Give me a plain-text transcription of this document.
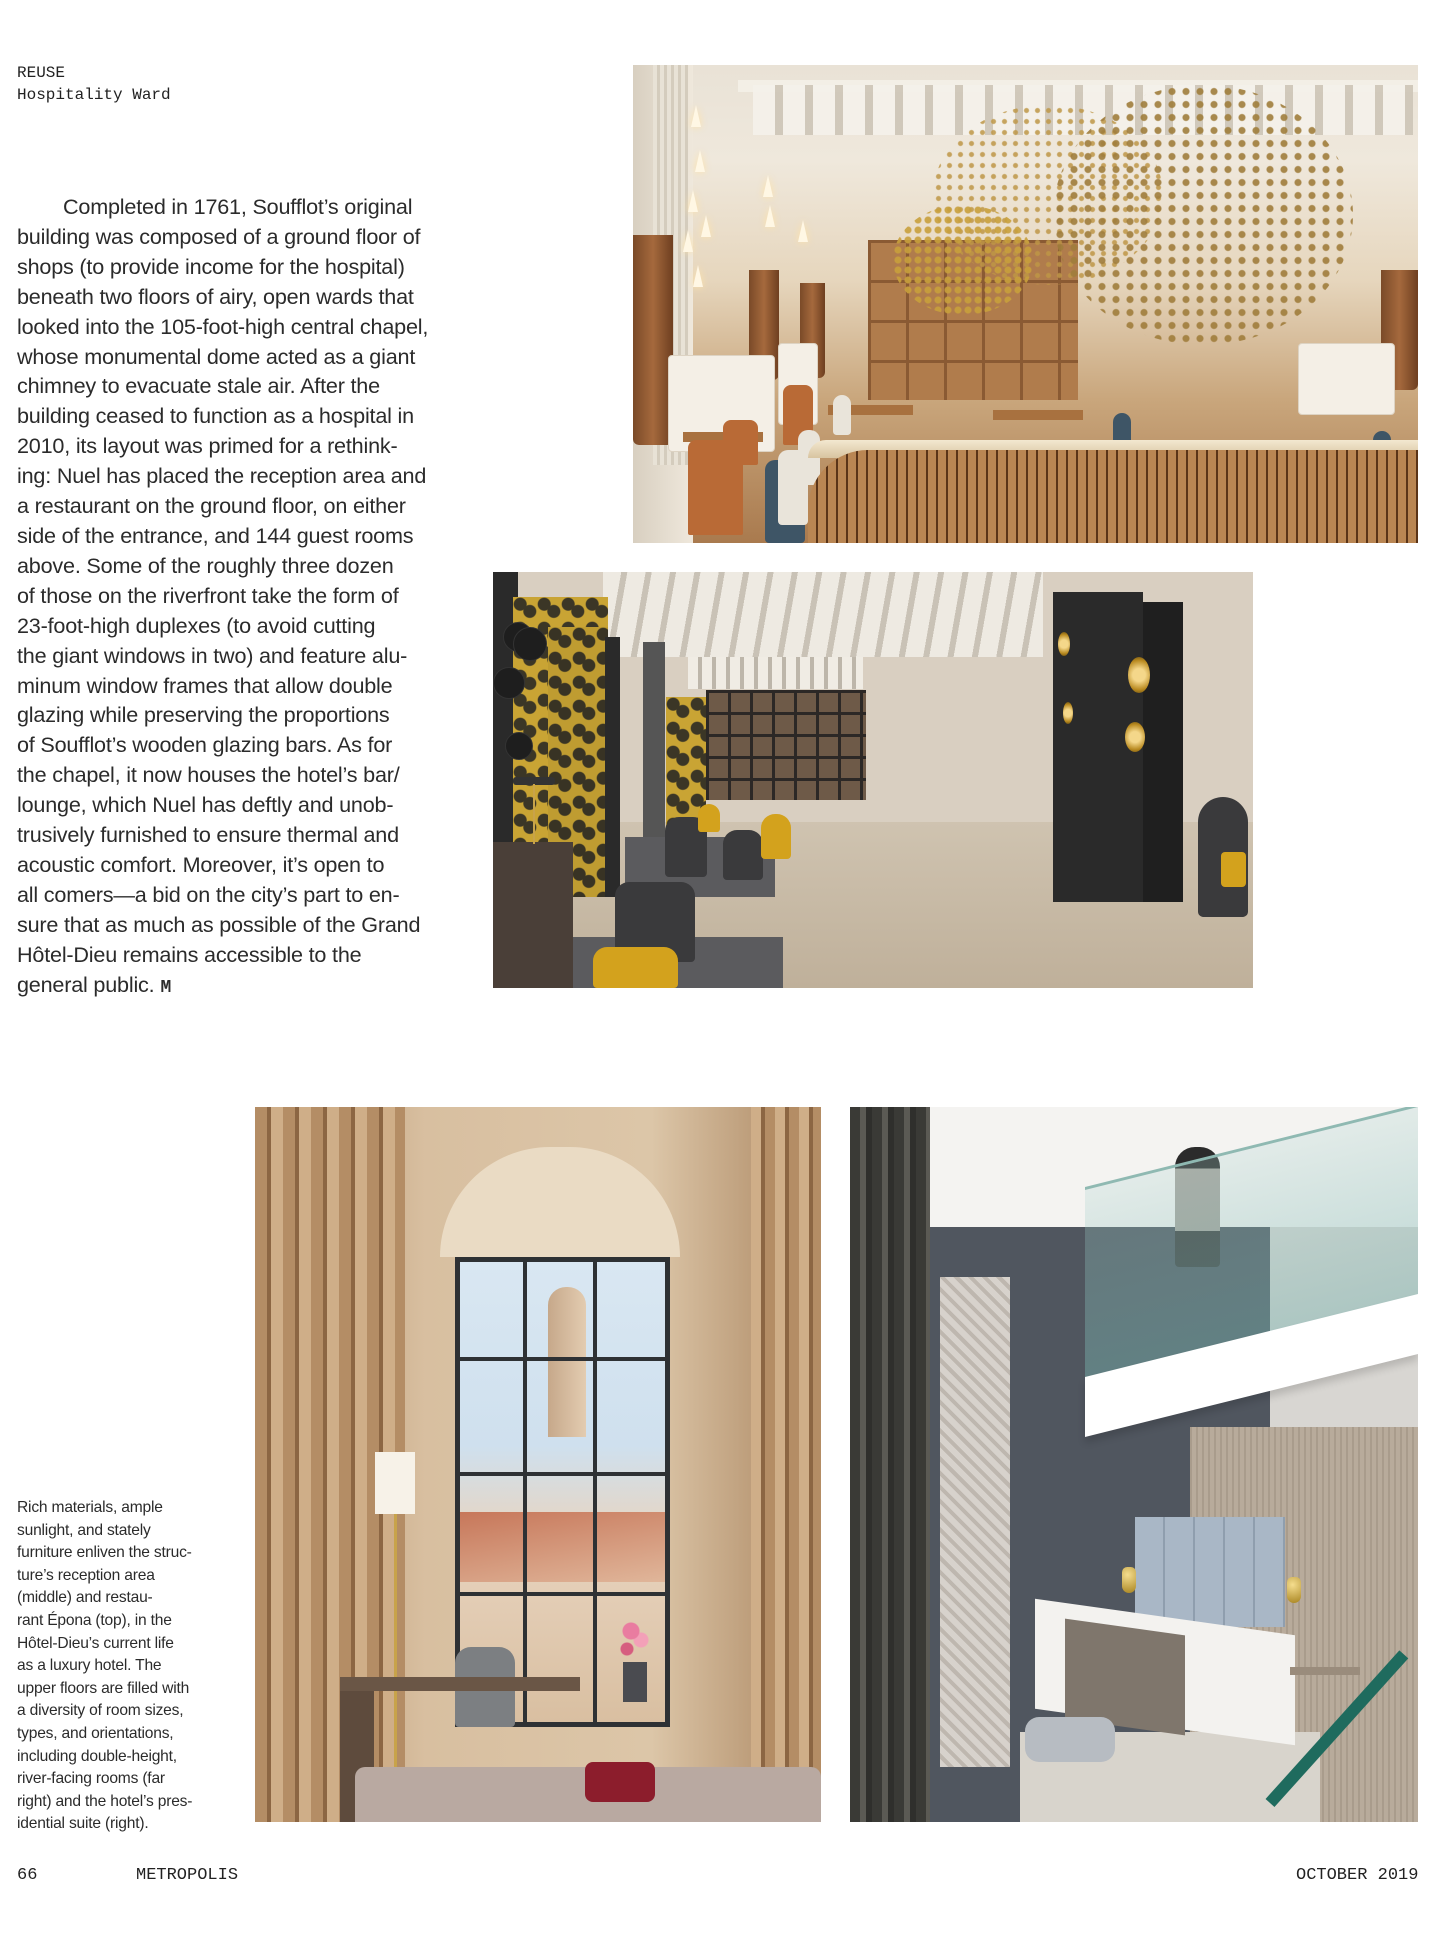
REUSE
Hospitality Ward
Completed in 1761, Soufflot’s original
building was composed of a ground floor of
shops (to provide income for the hospital)
beneath two floors of airy, open wards that
looked into the 105-foot-high central chapel,
whose monumental dome acted as a giant
chimney to evacuate stale air. After the
building ceased to function as a hospital in
2010, its layout was primed for a rethink-
ing: Nuel has placed the reception area and
a restaurant on the ground floor, on either
side of the entrance, and 144 guest rooms
above. Some of the roughly three dozen
of those on the riverfront take the form of
23-foot-high duplexes (to avoid cutting
the giant windows in two) and feature alu-
minum window frames that allow double
glazing while preserving the proportions
of Soufflot’s wooden glazing bars. As for
the chapel, it now houses the hotel’s bar/
lounge, which Nuel has deftly and unob-
trusively furnished to ensure thermal and
acoustic comfort. Moreover, it’s open to
all comers—a bid on the city’s part to en-
sure that as much as possible of the Grand
Hôtel-Dieu remains accessible to the
general public. M
Rich materials, ample
sunlight, and stately
furniture enliven the struc-
ture’s reception area
(middle) and restau-
rant Épona (top), in the
Hôtel-Dieu’s current life
as a luxury hotel. The
upper floors are filled with
a diversity of room sizes,
types, and orientations,
including double-height,
river-facing rooms (far
right) and the hotel’s pres-
idential suite (right).
66	METROPOLIS	OCTOBER 2019
